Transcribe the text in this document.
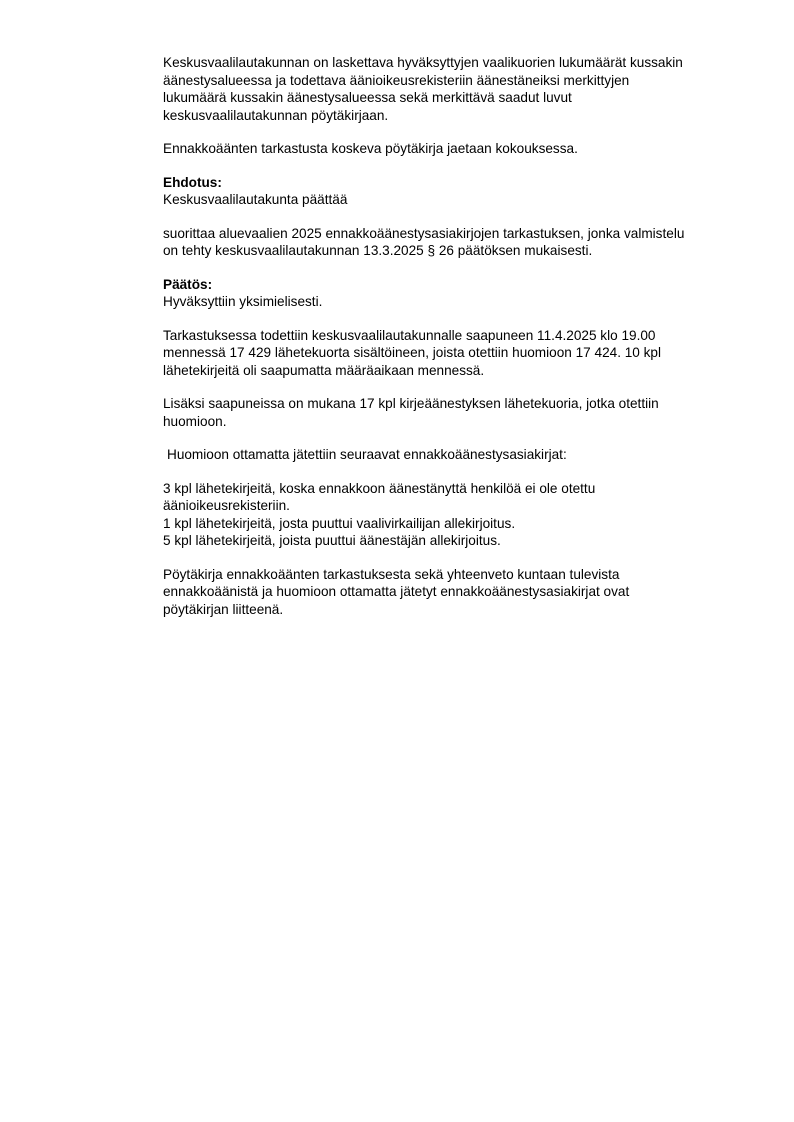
Keskusvaalilautakunnan on laskettava hyväksyttyjen vaalikuorien lukumäärät kussakin
äänestysalueessa ja todettava äänioikeusrekisteriin äänestäneiksi merkittyjen
lukumäärä kussakin äänestysalueessa sekä merkittävä saadut luvut
keskusvaalilautakunnan pöytäkirjaan.

Ennakkoäänten tarkastusta koskeva pöytäkirja jaetaan kokouksessa.

Ehdotus:
Keskusvaalilautakunta päättää

suorittaa aluevaalien 2025 ennakkoäänestysasiakirjojen tarkastuksen, jonka valmistelu
on tehty keskusvaalilautakunnan 13.3.2025 § 26 päätöksen mukaisesti.

Päätös:
Hyväksyttiin yksimielisesti.

Tarkastuksessa todettiin keskusvaalilautakunnalle saapuneen 11.4.2025 klo 19.00
mennessä 17 429 lähetekuorta sisältöineen, joista otettiin huomioon 17 424. 10 kpl
lähetekirjeitä oli saapumatta määräaikaan mennessä.

Lisäksi saapuneissa on mukana 17 kpl kirjeäänestyksen lähetekuoria, jotka otettiin
huomioon.

Huomioon ottamatta jätettiin seuraavat ennakkoäänestysasiakirjat:

3 kpl lähetekirjeitä, koska ennakkoon äänestänyttä henkilöä ei ole otettu
äänioikeusrekisteriin.
1 kpl lähetekirjeitä, josta puuttui vaalivirkailijan allekirjoitus.
5 kpl lähetekirjeitä, joista puuttui äänestäjän allekirjoitus.

Pöytäkirja ennakkoäänten tarkastuksesta sekä yhteenveto kuntaan tulevista
ennakkoäänistä ja huomioon ottamatta jätetyt ennakkoäänestysasiakirjat ovat
pöytäkirjan liitteenä.
